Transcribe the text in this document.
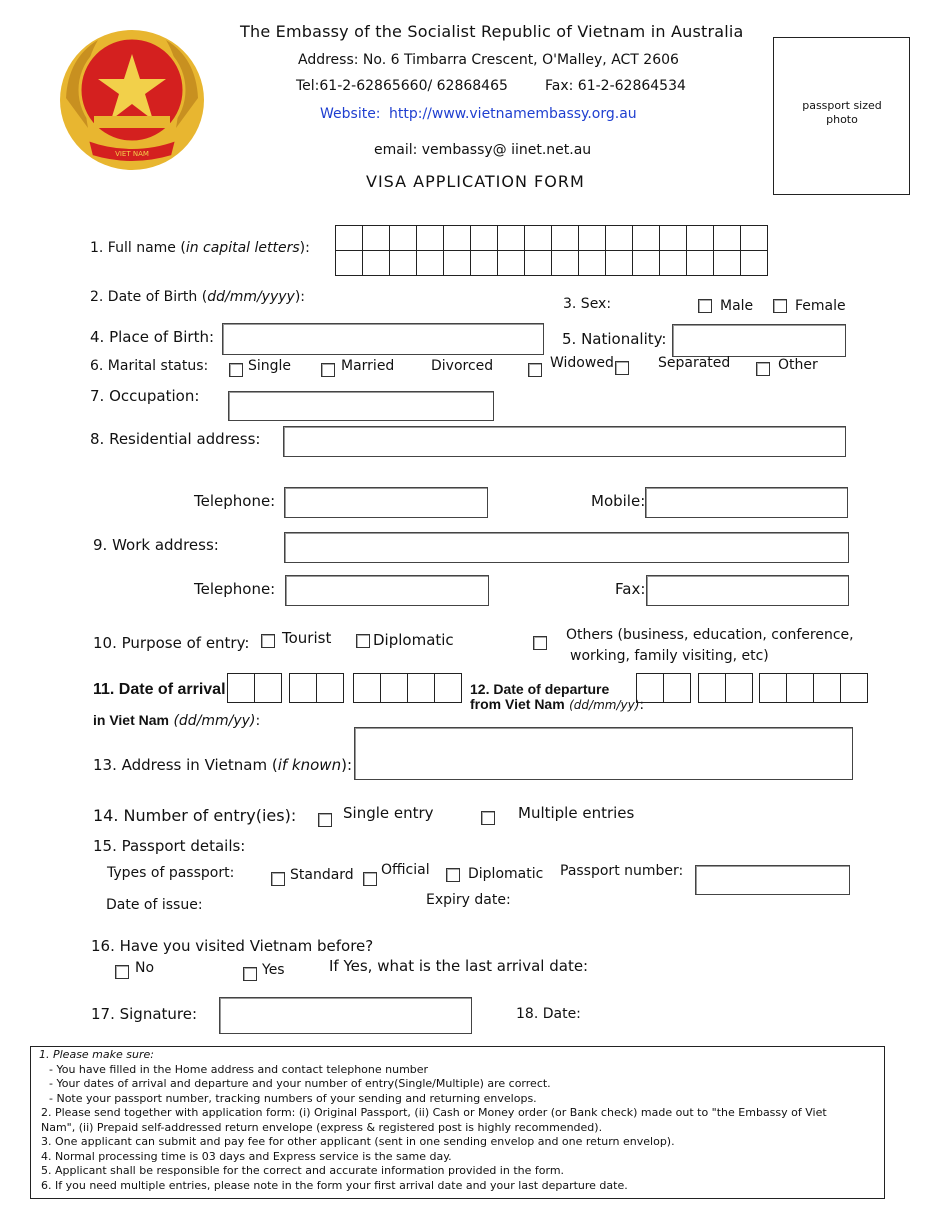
VIET NAM
The Embassy of the Socialist Republic of Vietnam in Australia
Address: No. 6 Timbarra Crescent, O'Malley, ACT 2606
Tel:61-2-62865660/ 62868465	Fax: 61-2-62864534
Website: http://www.vietnamembassy.org.au
email: vembassy@ iinet.net.au
VISA APPLICATION FORM
passport sized photo
1. Full name (in capital letters):

2. Date of Birth (dd/mm/yyyy):	3. Sex:	Male	Female
4. Place of Birth:	5. Nationality:
6. Marital status:	Single	Married	Divorced	Widowed	Separated	Other
7. Occupation:
8. Residential address:
Telephone:	Mobile:
9. Work address:
Telephone:	Fax:
10. Purpose of entry: Tourist	Diplomatic	Others (business, education, conference,
working, family visiting, etc)
11. Date of arrival
in Viet Nam (dd/mm/yy):

12. Date of departure
from Viet Nam (dd/mm/yy):

13. Address in Vietnam (if known):
14. Number of entry(ies):	Single entry	Multiple entries
15. Passport details:
Types of passport:	Standard Official	Diplomatic Passport number:
Date of issue:	Expiry date:
16. Have you visited Vietnam before?
No	Yes	If Yes, what is the last arrival date:
17. Signature:	18. Date:
1. Please make sure:
- You have filled in the Home address and contact telephone number
- Your dates of arrival and departure and your number of entry(Single/Multiple) are correct.
- Note your passport number, tracking numbers of your sending and returning envelops.
2. Please send together with application form: (i) Original Passport, (ii) Cash or Money order (or Bank check) made out to "the Embassy of Viet
Nam", (ii) Prepaid self-addressed return envelope (express & registered post is highly recommended).
3. One applicant can submit and pay fee for other applicant (sent in one sending envelop and one return envelop).
4. Normal processing time is 03 days and Express service is the same day.
5. Applicant shall be responsible for the correct and accurate information provided in the form.
6. If you need multiple entries, please note in the form your first arrival date and your last departure date.
